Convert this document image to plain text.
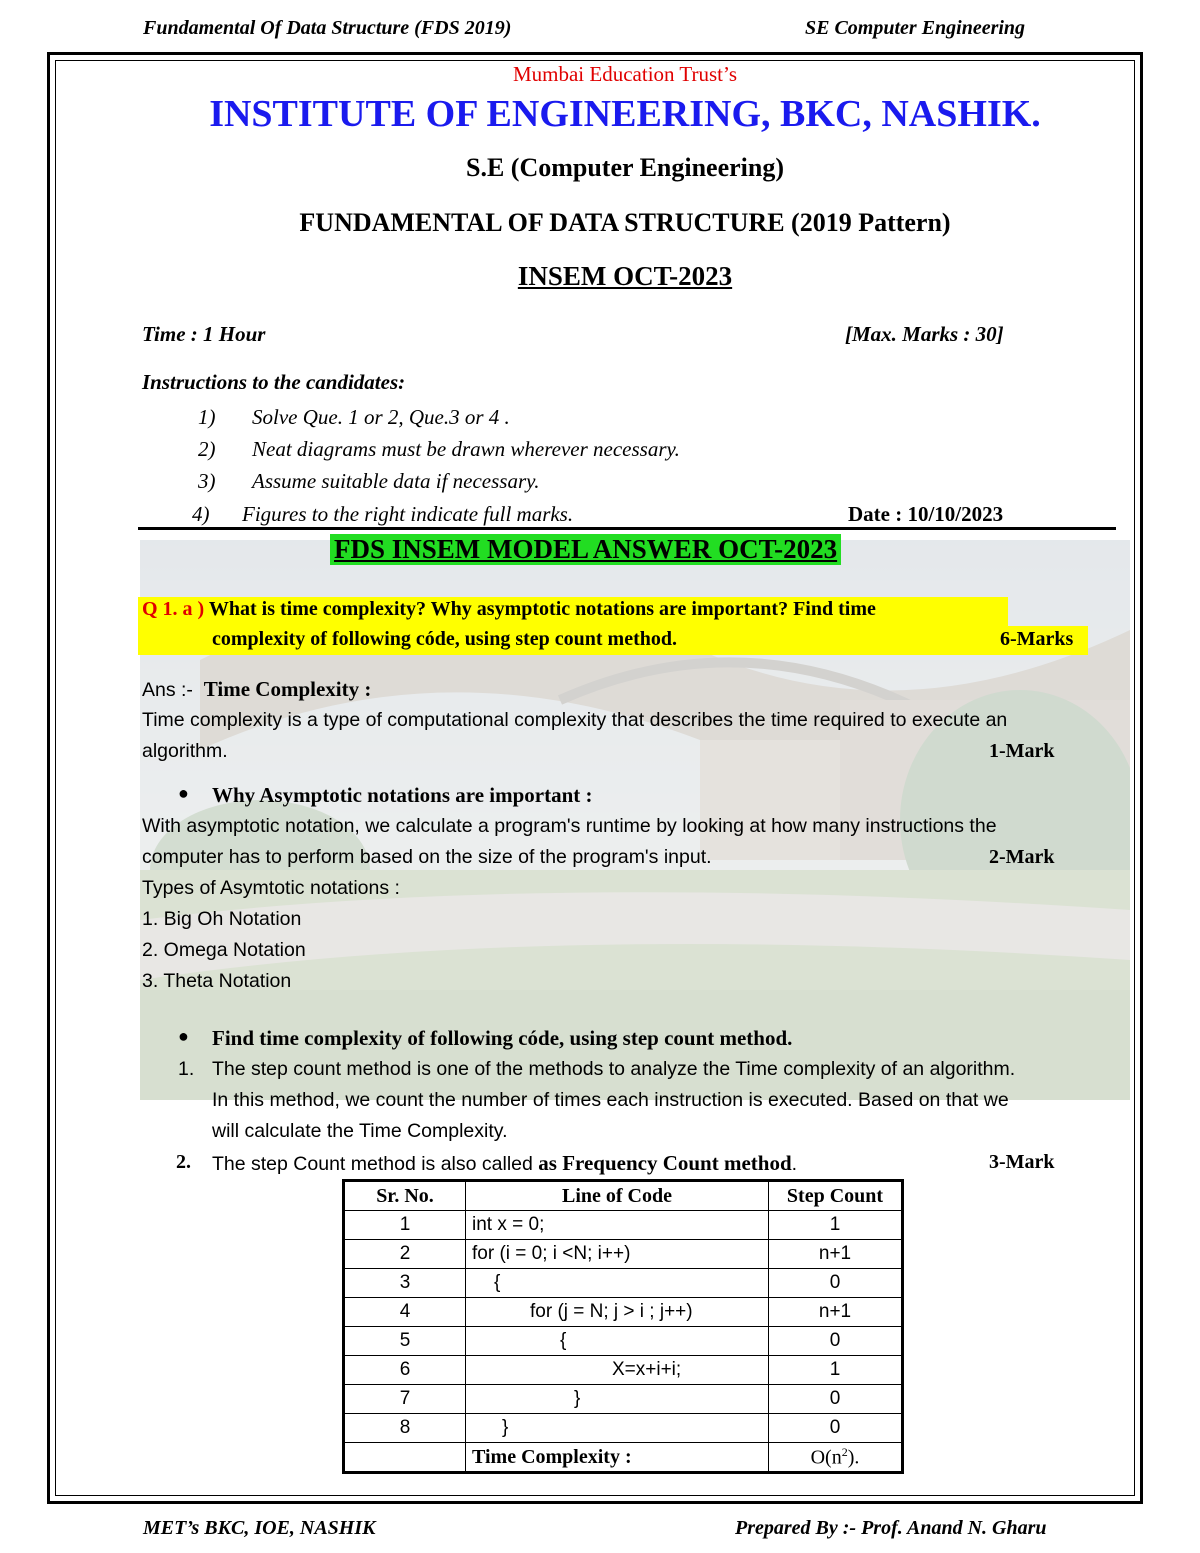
Fundamental Of Data Structure (FDS 2019)	SE Computer Engineering
Mumbai Education Trust’s
INSTITUTE OF ENGINEERING, BKC, NASHIK.
S.E (Computer Engineering)
FUNDAMENTAL OF DATA STRUCTURE (2019 Pattern)
INSEM OCT-2023
Time : 1 Hour	[Max. Marks : 30]
Instructions to the candidates:
1) Solve Que. 1 or 2, Que.3 or 4 .
2) Neat diagrams must be drawn wherever necessary.
3) Assume suitable data if necessary.
4) Figures to the right indicate full marks.	Date : 10/10/2023
FDS INSEM MODEL ANSWER OCT-2023
Q 1. a ) What is time complexity? Why asymptotic notations are important? Find time
complexity of following códe, using step count method.	6-Marks
Ans :- Time Complexity :
Time complexity is a type of computational complexity that describes the time required to execute an
algorithm.	1-Mark
● Why Asymptotic notations are important :
With asymptotic notation, we calculate a program's runtime by looking at how many instructions the
computer has to perform based on the size of the program's input.	2-Mark
Types of Asymtotic notations :
1. Big Oh Notation
2. Omega Notation
3. Theta Notation
● Find time complexity of following códe, using step count method.
1. The step count method is one of the methods to analyze the Time complexity of an algorithm.
In this method, we count the number of times each instruction is executed. Based on that we
will calculate the Time Complexity.
2. The step Count method is also called as Frequency Count method.	3-Mark
Sr. No.	Line of Code	Step Count
1	int x = 0;	1
2	for (i = 0; i <N; i++)	n+1
3	{	0
4	for (j = N; j > i ; j++)	n+1
5	{	0
6	X=x+i+i;	1
7	}	0
8	}	0
	Time Complexity :	$O(n^2)$.
MET’s BKC, IOE, NASHIK	Prepared By :- Prof. Anand N. Gharu
